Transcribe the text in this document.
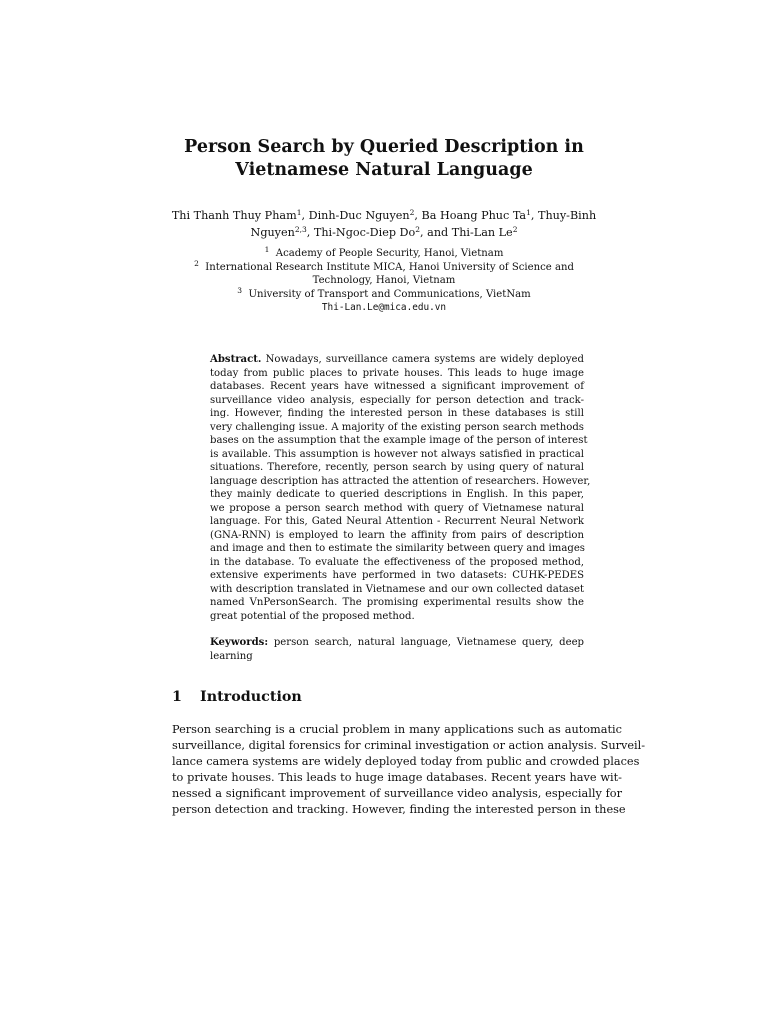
Person Search by Queried Description in
Vietnamese Natural Language
Thi Thanh Thuy Pham$^1$, Dinh-Duc Nguyen$^2$, Ba Hoang Phuc Ta$^1$, Thuy-Binh
Nguyen$^{2,3}$, Thi-Ngoc-Diep Do$^2$, and Thi-Lan Le$^2$
$^1$ Academy of People Security, Hanoi, Vietnam
$^2$ International Research Institute MICA, Hanoi University of Science and
Technology, Hanoi, Vietnam
$^3$ University of Transport and Communications, VietNam
Thi-Lan.Le@mica.edu.vn
Abstract. Nowadays, surveillance camera systems are widely deployed
today from public places to private houses. This leads to huge image
databases. Recent years have witnessed a significant improvement of
surveillance video analysis, especially for person detection and track-
ing. However, finding the interested person in these databases is still
very challenging issue. A majority of the existing person search methods
bases on the assumption that the example image of the person of interest
is available. This assumption is however not always satisfied in practical
situations. Therefore, recently, person search by using query of natural
language description has attracted the attention of researchers. However,
they mainly dedicate to queried descriptions in English. In this paper,
we propose a person search method with query of Vietnamese natural
language. For this, Gated Neural Attention - Recurrent Neural Network
(GNA-RNN) is employed to learn the affinity from pairs of description
and image and then to estimate the similarity between query and images
in the database. To evaluate the effectiveness of the proposed method,
extensive experiments have performed in two datasets: CUHK-PEDES
with description translated in Vietnamese and our own collected dataset
named VnPersonSearch. The promising experimental results show the
great potential of the proposed method.
Keywords: person search, natural language, Vietnamese query, deep
learning
1 Introduction
Person searching is a crucial problem in many applications such as automatic
surveillance, digital forensics for criminal investigation or action analysis. Surveil-
lance camera systems are widely deployed today from public and crowded places
to private houses. This leads to huge image databases. Recent years have wit-
nessed a significant improvement of surveillance video analysis, especially for
person detection and tracking. However, finding the interested person in these
